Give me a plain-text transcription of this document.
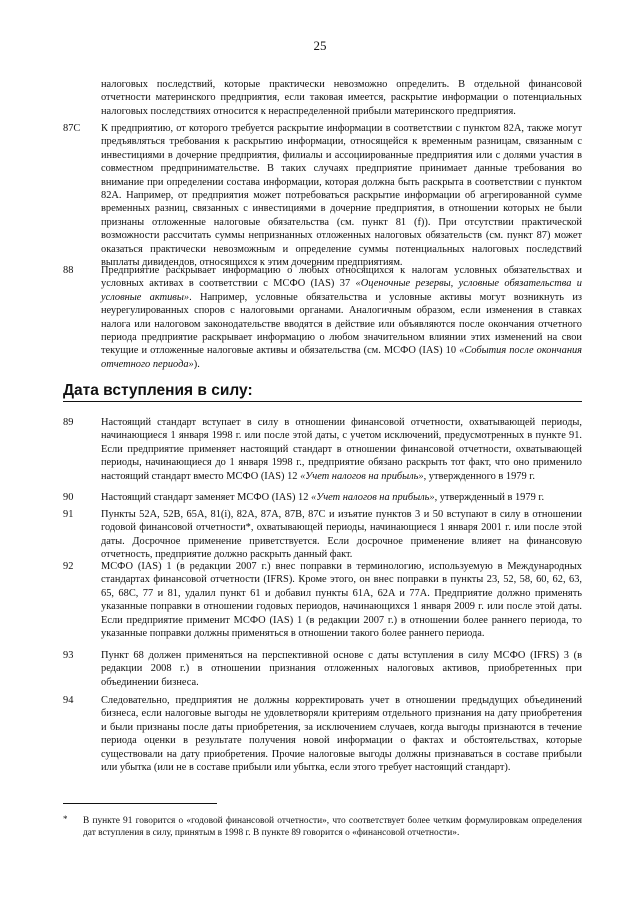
25
налоговых последствий, которые практически невозможно определить. В отдельной финансовой отчетности материнского предприятия, если таковая имеется, раскрытие информации о потенциальных налоговых последствиях относится к нераспределенной прибыли материнского предприятия.
87C К предприятию, от которого требуется раскрытие информации в соответствии с пунктом 82A, также могут предъявляться требования к раскрытию информации, относящейся к временным разницам, связанным с инвестициями в дочерние предприятия, филиалы и ассоциированные предприятия или с долями участия в совместном предпринимательстве. В таких случаях предприятие принимает данные требования во внимание при определении состава информации, которая должна быть раскрыта в соответствии с пунктом 82A. Например, от предприятия может потребоваться раскрытие информации об агрегированной сумме временных разниц, связанных с инвестициями в дочерние предприятия, в отношении которых не были признаны отложенные налоговые обязательства (см. пункт 81 (f)). При отсутствии практической возможности рассчитать суммы непризнанных отложенных налоговых обязательств (см. пункт 87) может оказаться практически невозможным и определение суммы потенциальных налоговых последствий выплаты дивидендов, относящихся к этим дочерним предприятиям.
88	Предприятие раскрывает информацию о любых относящихся к налогам условных обязательствах и условных активах в соответствии с МСФО (IAS) 37 «Оценочные резервы, условные обязательства и условные активы». Например, условные обязательства и условные активы могут возникнуть из неурегулированных споров с налоговыми органами. Аналогичным образом, если изменения в ставках налога или налоговом законодательстве вводятся в действие или объявляются после окончания отчетного периода предприятие раскрывает информацию о любом значительном влиянии этих изменений на свои текущие и отложенные налоговые активы и обязательства (см. МСФО (IAS) 10 «События после окончания отчетного периода»).
89	Настоящий стандарт вступает в силу в отношении финансовой отчетности, охватывающей периоды, начинающиеся 1 января 1998 г. или после этой даты, с учетом исключений, предусмотренных в пункте 91. Если предприятие применяет настоящий стандарт в отношении финансовой отчетности, охватывающей периоды, начинающиеся до 1 января 1998 г., предприятие обязано раскрыть тот факт, что оно применило настоящий стандарт вместо МСФО (IAS) 12 «Учет налогов на прибыль», утвержденного в 1979 г.
90	Настоящий стандарт заменяет МСФО (IAS) 12 «Учет налогов на прибыль», утвержденный в 1979 г.
91	Пункты 52A, 52B, 65A, 81(i), 82A, 87A, 87B, 87C и изъятие пунктов 3 и 50 вступают в силу в отношении годовой финансовой отчетности*, охватывающей периоды, начинающиеся 1 января 2001 г. или после этой даты. Досрочное применение приветствуется. Если досрочное применение влияет на финансовую отчетность, предприятие должно раскрыть данный факт.
92	МСФО (IAS) 1 (в редакции 2007 г.) внес поправки в терминологию, используемую в Международных стандартах финансовой отчетности (IFRS). Кроме этого, он внес поправки в пункты 23, 52, 58, 60, 62, 63, 65, 68C, 77 и 81, удалил пункт 61 и добавил пункты 61A, 62A и 77A. Предприятие должно применять указанные поправки в отношении годовых периодов, начинающихся 1 января 2009 г. или после этой даты. Если предприятие применит МСФО (IAS) 1 (в редакции 2007 г.) в отношении более раннего периода, то указанные поправки должны применяться в отношении такого более раннего периода.
93	Пункт 68 должен применяться на перспективной основе с даты вступления в силу МСФО (IFRS) 3 (в редакции 2008 г.) в отношении признания отложенных налоговых активов, приобретенных при объединении бизнеса.
94	Следовательно, предприятия не должны корректировать учет в отношении предыдущих объединений бизнеса, если налоговые выгоды не удовлетворяли критериям отдельного признания на дату приобретения и были признаны после даты приобретения, за исключением случаев, когда выгоды признаются в течение периода оценки в результате получения новой информации о фактах и обстоятельствах, которые существовали на дату приобретения. Прочие налоговые выгоды должны признаваться в составе прибыли или убытка (или не в составе прибыли или убытка, если этого требует настоящий стандарт).
Дата вступления в силу:
* В пункте 91 говорится о «годовой финансовой отчетности», что соответствует более четким формулировкам определения дат вступления в силу, принятым в 1998 г. В пункте 89 говорится о «финансовой отчетности».
